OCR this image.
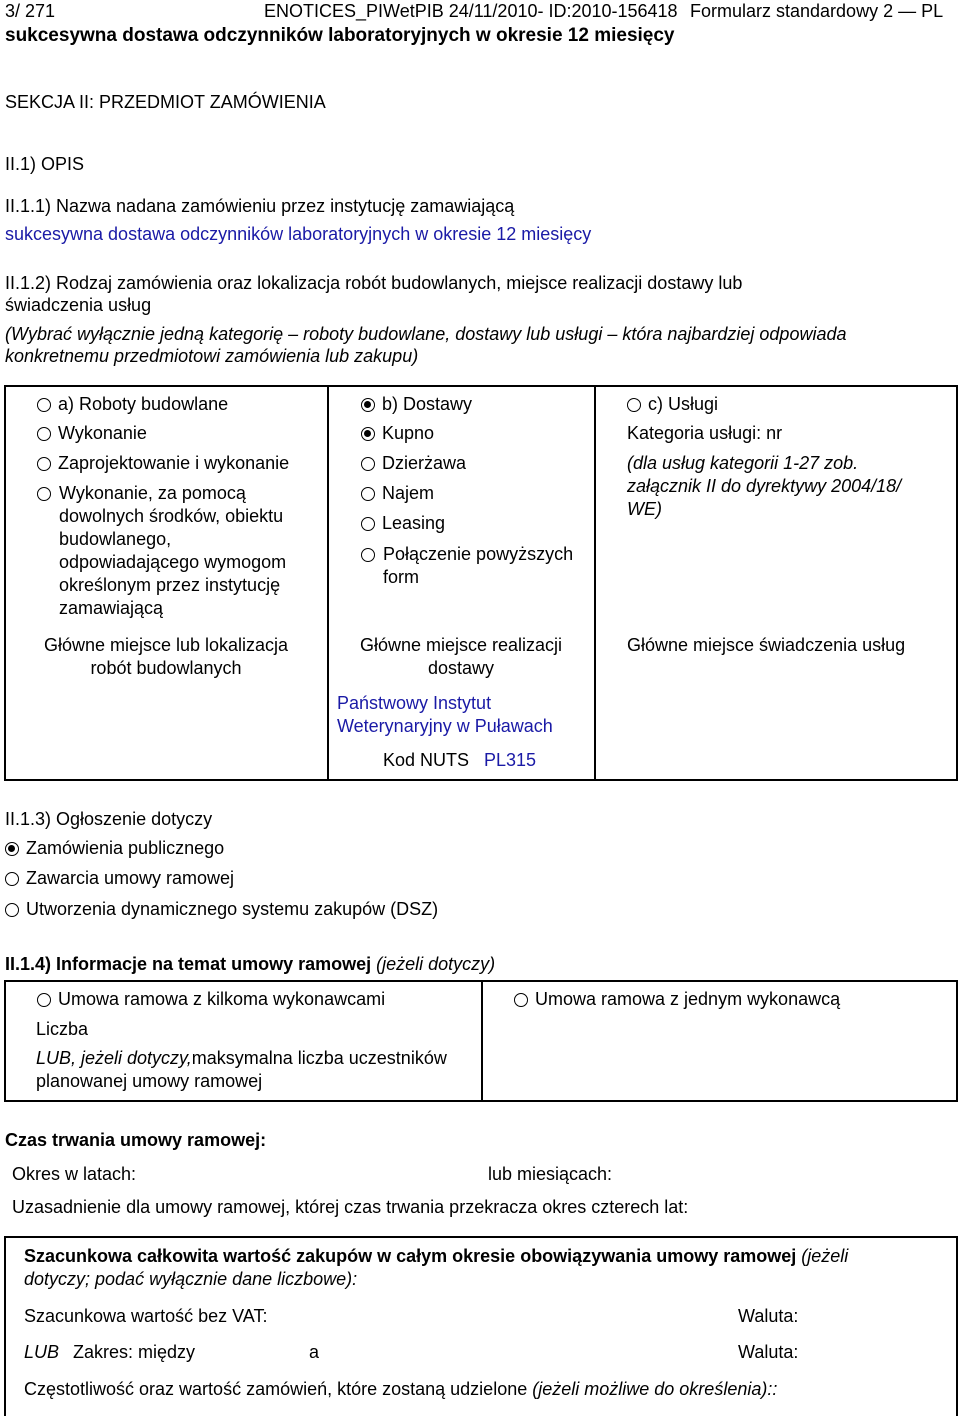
3/ 271	ENOTICES_PIWetPIB 24/11/2010- ID:2010-156418 Formularz standardowy 2 — PL
sukcesywna dostawa odczynników laboratoryjnych w okresie 12 miesięcy
SEKCJA II: PRZEDMIOT ZAMÓWIENIA
II.1) OPIS
II.1.1) Nazwa nadana zamówieniu przez instytucję zamawiającą
sukcesywna dostawa odczynników laboratoryjnych w okresie 12 miesięcy
II.1.2) Rodzaj zamówienia oraz lokalizacja robót budowlanych, miejsce realizacji dostawy lub
świadczenia usług
(Wybrać wyłącznie jedną kategorię – roboty budowlane, dostawy lub usługi – która najbardziej odpowiada
konkretnemu przedmiotowi zamówienia lub zakupu)
a) Roboty budowlane
Wykonanie
Zaprojektowanie i wykonanie
Wykonanie, za pomocą dowolnych środków, obiektu budowlanego, odpowiadającego wymogom określonym przez instytucję zamawiającą
Główne miejsce lub lokalizacja robót budowlanych
b) Dostawy
Kupno
Dzierżawa
Najem
Leasing
Połączenie powyższych form
Główne miejsce realizacji dostawy
Państwowy Instytut Weterynaryjny w Puławach
Kod NUTS PL315
c) Usługi
Kategoria usługi: nr
(dla usług kategorii 1-27 zob. załącznik II do dyrektywy 2004/18/ WE)
Główne miejsce świadczenia usług
II.1.3) Ogłoszenie dotyczy
Zamówienia publicznego
Zawarcia umowy ramowej
Utworzenia dynamicznego systemu zakupów (DSZ)
II.1.4) Informacje na temat umowy ramowej (jeżeli dotyczy)
Umowa ramowa z kilkoma wykonawcami	Umowa ramowa z jednym wykonawcą
Liczba
LUB, jeżeli dotyczy,maksymalna liczba uczestników
planowanej umowy ramowej
Czas trwania umowy ramowej:
Okres w latach:	lub miesiącach:
Uzasadnienie dla umowy ramowej, której czas trwania przekracza okres czterech lat:
Szacunkowa całkowita wartość zakupów w całym okresie obowiązywania umowy ramowej (jeżeli
dotyczy; podać wyłącznie dane liczbowe):
Szacunkowa wartość bez VAT:	Waluta:
LUB Zakres: między	a	Waluta:
Częstotliwość oraz wartość zamówień, które zostaną udzielone (jeżeli możliwe do określenia)::
